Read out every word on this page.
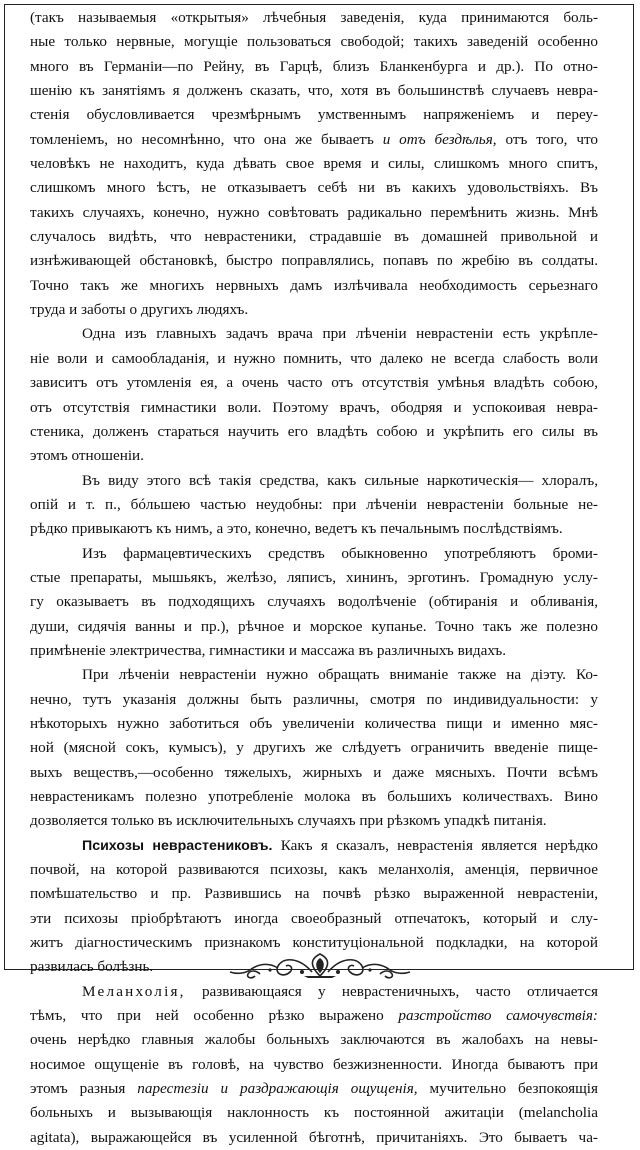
(такъ называемыя «открытыя» лѣчебныя заведенія, куда принимаются боль-
ные только нервные, могущіе пользоваться свободой; такихъ заведеній особенно
много въ Германіи—по Рейну, въ Гарцѣ, близъ Бланкенбурга и др.). По отно-
шенію къ занятіямъ я долженъ сказать, что, хотя въ большинствѣ случаевъ невра-
стенія обусловливается чрезмѣрнымъ умственнымъ напряженіемъ и переу-
томленіемъ, но несомнѣнно, что она же бываетъ и отъ бездѣлья, отъ того, что
человѣкъ не находитъ, куда дѣвать свое время и силы, слишкомъ много спитъ,
слишкомъ много ѣстъ, не отказываетъ себѣ ни въ какихъ удовольствіяхъ. Въ
такихъ случаяхъ, конечно, нужно совѣтовать радикально перемѣнить жизнь. Мнѣ
случалось видѣть, что неврастеники, страдавшіе въ домашней привольной и
изнѣживающей обстановкѣ, быстро поправлялись, попавъ по жребію въ солдаты.
Точно такъ же многихъ нервныхъ дамъ излѣчивала необходимость серьезнаго
труда и заботы о другихъ людяхъ.
Одна изъ главныхъ задачъ врача при лѣченіи неврастеніи есть укрѣпле-
нiе воли и самообладанія, и нужно помнить, что далеко не всегда слабость воли
зависитъ отъ утомленія ея, а очень часто отъ отсутствія умѣнья владѣть собою,
отъ отсутствія гимнастики воли. Поэтому врачъ, ободряя и успокоивая невра-
стеника, долженъ стараться научить его владѣть собою и укрѣпить его силы въ
этомъ отношеніи.
Въ виду этого всѣ такія средства, какъ сильные наркотическія— хлоралъ,
опій и т. п., бóльшею частью неудобны: при лѣченіи неврастеніи больные не-
рѣдко привыкаютъ къ нимъ, а это, конечно, ведетъ къ печальнымъ послѣдствіямъ.
Изъ фармацевтическихъ средствъ обыкновенно употребляютъ броми-
стые препараты, мышьякъ, желѣзо, ляписъ, хининъ, эрготинъ. Громадную услу-
гу оказываетъ въ подходящихъ случаяхъ водолѣченіе (обтиранія и обливанія,
души, сидячія ванны и пр.), рѣчное и морское купанье. Точно такъ же полезно
примѣненіе электричества, гимнастики и массажа въ различныхъ видахъ.
При лѣченіи неврастеніи нужно обращать вниманіе также на діэту. Ко-
нечно, тутъ указанія должны быть различны, смотря по индивидуальности: у
нѣкоторыхъ нужно заботиться объ увеличеніи количества пищи и именно мяс-
ной (мясной сокъ, кумысъ), у другихъ же слѣдуетъ ограничить введеніе пище-
выхъ веществъ,—особенно тяжелыхъ, жирныхъ и даже мясныхъ. Почти всѣмъ
неврастеникамъ полезно употребленіе молока въ большихъ количествахъ. Вино
дозволяется только въ исключительныхъ случаяхъ при рѣзкомъ упадкѣ питанія.
Психозы неврастениковъ. Какъ я сказалъ, неврастенія является нерѣдко
почвой, на которой развиваются психозы, какъ меланхолія, аменція, первичное
помѣшательство и пр. Развившись на почвѣ рѣзко выраженной неврастеніи,
эти психозы пріобрѣтаютъ иногда своеобразный отпечатокъ, который и слу-
житъ діагностическимъ признакомъ конституціональной подкладки, на которой
развилась болѣзнь.
Меланхолія, развивающаяся у неврастеничныхъ, часто отличается
тѣмъ, что при ней особенно рѣзко выражено разстройство самочувствія:
очень нерѣдко главныя жалобы больныхъ заключаются въ жалобахъ на невы-
носимое ощущеніе въ головѣ, на чувство безжизненности. Иногда бываютъ при
этомъ разныя парестезіи и раздражающія ощущенія, мучительно безпокоящія
больныхъ и вызывающія наклонность къ постоянной ажитаціи (melancholia
agitata), выражающейся въ усиленной бѣготнѣ, причитаніяхъ. Это бываетъ ча-
